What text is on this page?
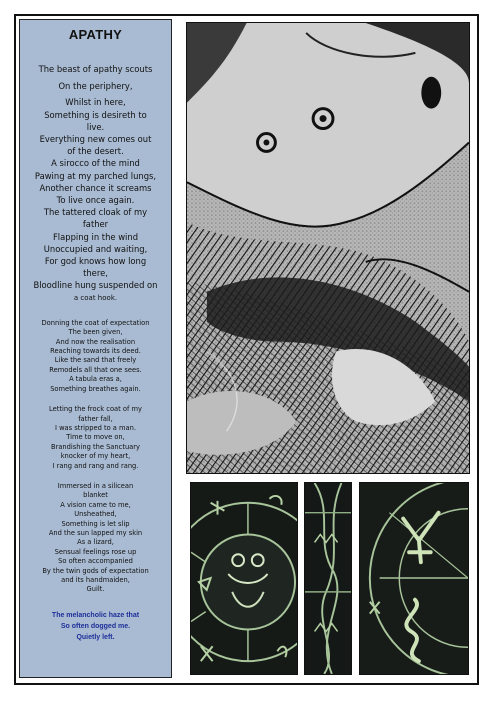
APATHY
The beast of apathy scouts
On the periphery,
Whilst in here,
Something is desireth to
live.
Everything new comes out
of the desert.
A sirocco of the mind
Pawing at my parched lungs,
Another chance it screams
To live once again.
The tattered cloak of my
father
Flapping in the wind
Unoccupied and waiting,
For god knows how long
there,
Bloodline hung suspended on
a coat hook.
Donning the coat of expectation
The been given,
And now the realisation
Reaching towards its deed.
Like the sand that freely
Remodels all that one sees.
A tabula eras a,
Something breathes again.
Letting the frock coat of my
father fall,
I was stripped to a man.
Time to move on,
Brandishing the Sanctuary
knocker of my heart,
I rang and rang and rang.
Immersed in a silicean
blanket
A vision came to me,
Unsheathed,
Something is let slip
And the sun lapped my skin
As a lizard,
Sensual feelings rose up
So often accompanied
By the twin gods of expectation
and its handmaiden,
Guilt.
The melancholic haze that
So often dogged me.
Quietly left.
